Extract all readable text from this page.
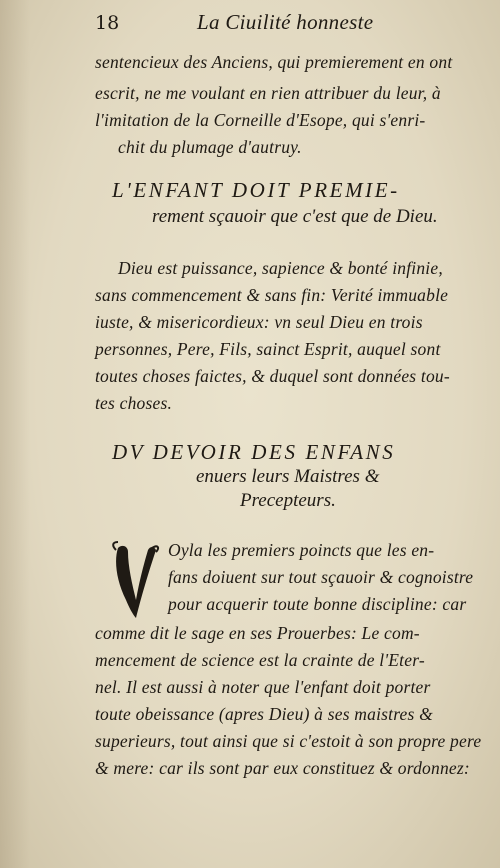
18	La Ciuilité honneste
sentencieux des Anciens, qui premierement en ont
escrit, ne me voulant en rien attribuer du leur, à
l'imitation de la Corneille d'Esope, qui s'enri-
chit du plumage d'autruy.
L'ENFANT DOIT PREMIE-
rement sçauoir que c'est que de Dieu.
Dieu est puissance, sapience & bonté infinie,
sans commencement & sans fin: Verité immuable
iuste, & misericordieux: vn seul Dieu en trois
personnes, Pere, Fils, sainct Esprit, auquel sont
toutes choses faictes, & duquel sont données tou-
tes choses.
DV DEVOIR DES ENFANS
enuers leurs Maistres &
Precepteurs.
Oyla les premiers poincts que les en-
fans doiuent sur tout sçauoir & cognoistre
pour acquerir toute bonne discipline: car
comme dit le sage en ses Prouerbes: Le com-
mencement de science est la crainte de l'Eter-
nel. Il est aussi à noter que l'enfant doit porter
toute obeissance (apres Dieu) à ses maistres &
superieurs, tout ainsi que si c'estoit à son propre pere
& mere: car ils sont par eux constituez & ordonnez:
